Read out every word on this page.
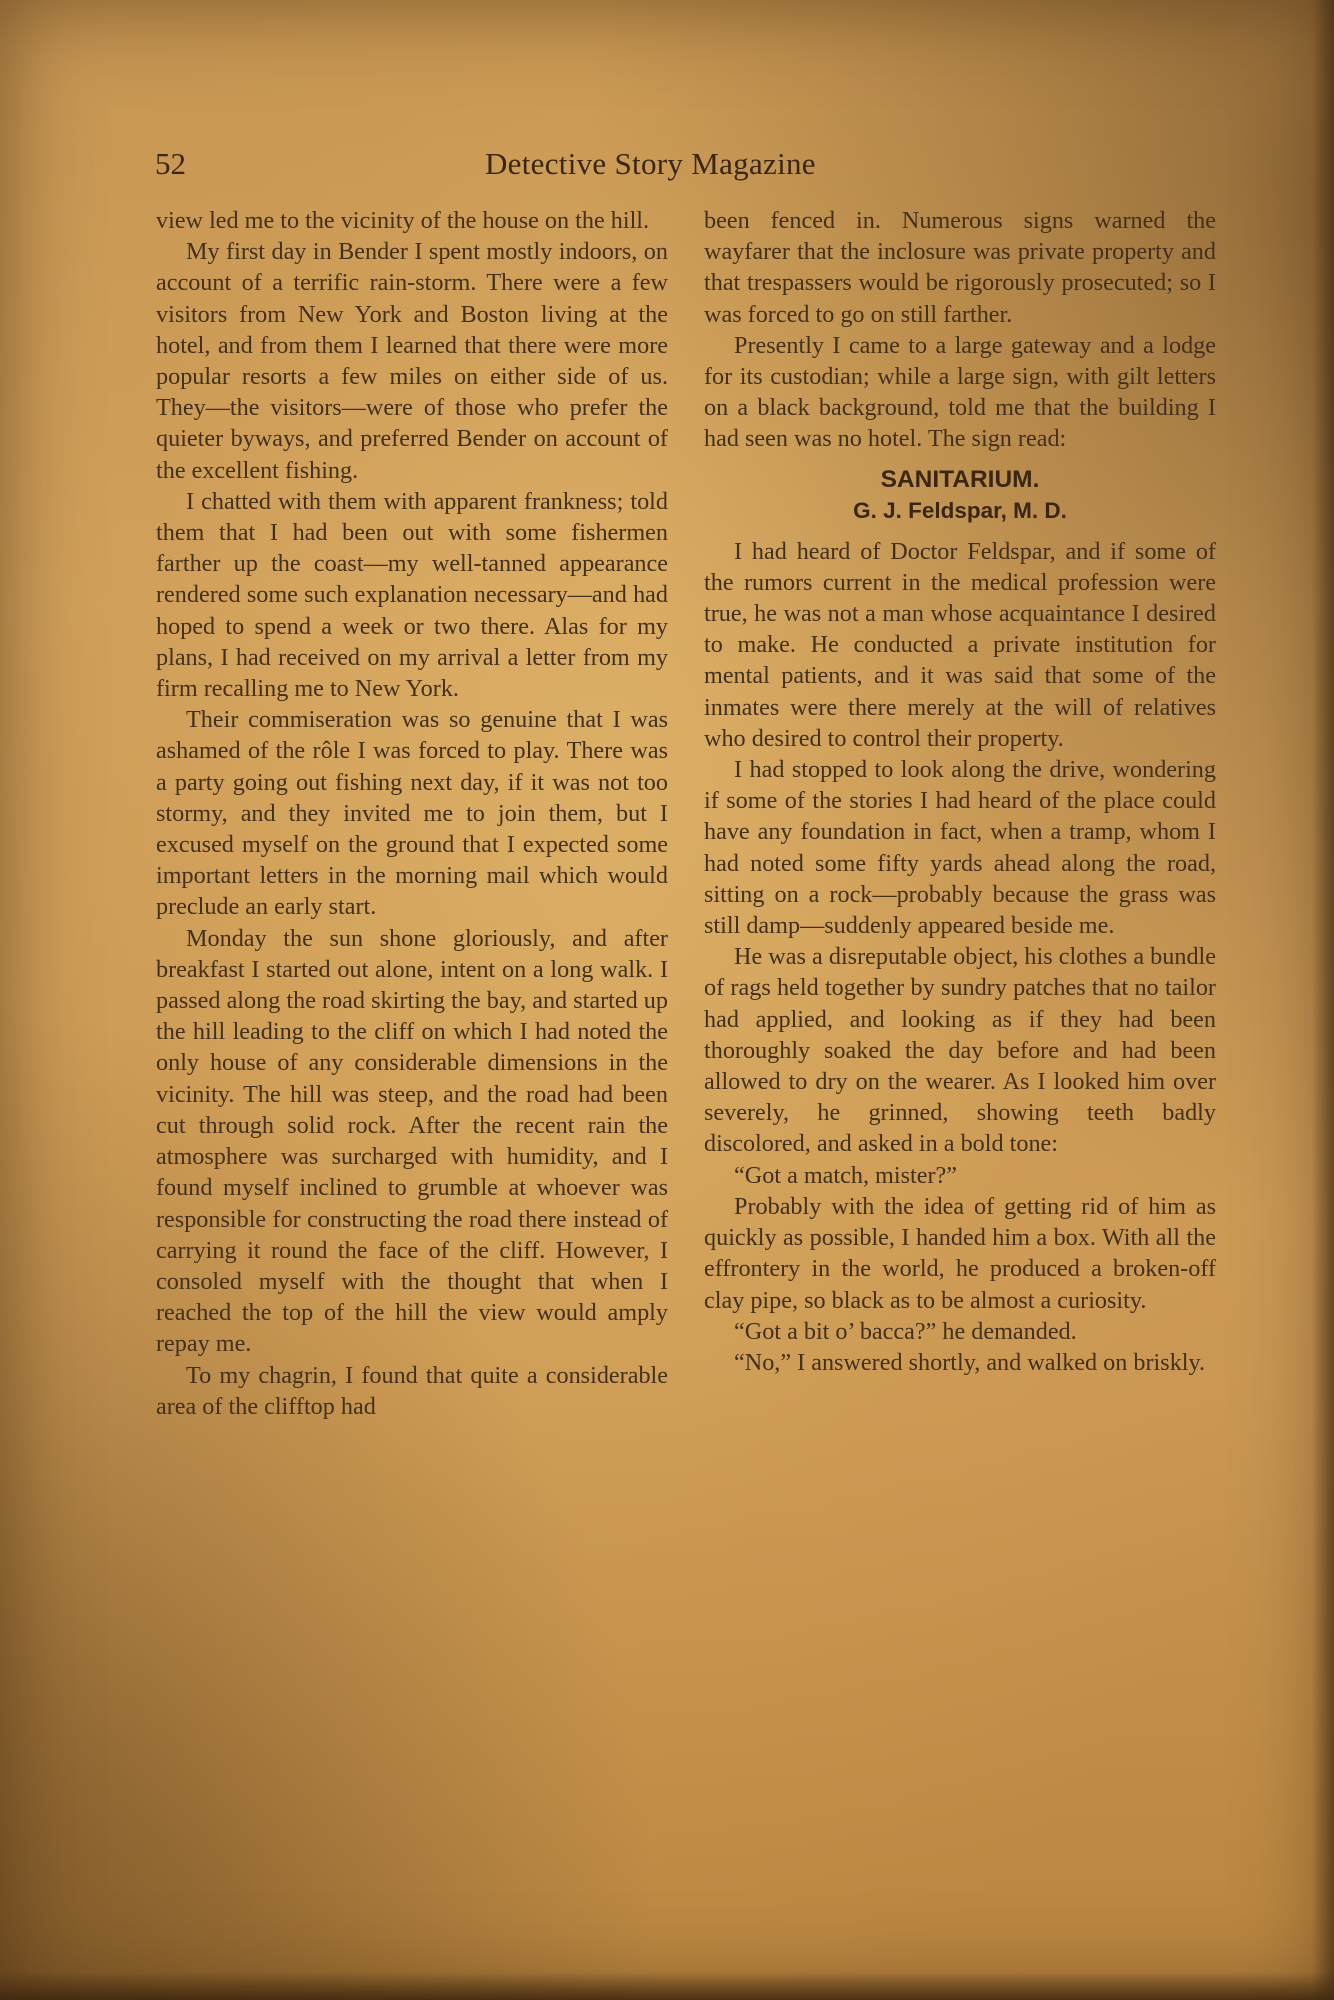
52	Detective Story Magazine

view led me to the vicinity of the house on the hill.

My first day in Bender I spent mostly indoors, on account of a terrific rain-storm. There were a few visitors from New York and Boston living at the hotel, and from them I learned that there were more popular resorts a few miles on either side of us. They—the visitors—were of those who prefer the quieter byways, and preferred Bender on account of the excellent fishing.

I chatted with them with apparent frankness; told them that I had been out with some fishermen farther up the coast—my well-tanned appearance rendered some such explanation necessary—and had hoped to spend a week or two there. Alas for my plans, I had received on my arrival a letter from my firm recalling me to New York.

Their commiseration was so genuine that I was ashamed of the rôle I was forced to play. There was a party going out fishing next day, if it was not too stormy, and they invited me to join them, but I excused myself on the ground that I expected some important letters in the morning mail which would preclude an early start.

Monday the sun shone gloriously, and after breakfast I started out alone, intent on a long walk. I passed along the road skirting the bay, and started up the hill leading to the cliff on which I had noted the only house of any considerable dimensions in the vicinity. The hill was steep, and the road had been cut through solid rock. After the recent rain the atmosphere was surcharged with humidity, and I found myself inclined to grumble at whoever was responsible for constructing the road there instead of carrying it round the face of the cliff. However, I consoled myself with the thought that when I reached the top of the hill the view would amply repay me.

To my chagrin, I found that quite a considerable area of the clifftop had

been fenced in. Numerous signs warned the wayfarer that the inclosure was private property and that trespassers would be rigorously prosecuted; so I was forced to go on still farther.

Presently I came to a large gateway and a lodge for its custodian; while a large sign, with gilt letters on a black background, told me that the building I had seen was no hotel. The sign read:

SANITARIUM.
G. J. Feldspar, M. D.

I had heard of Doctor Feldspar, and if some of the rumors current in the medical profession were true, he was not a man whose acquaintance I desired to make. He conducted a private institution for mental patients, and it was said that some of the inmates were there merely at the will of relatives who desired to control their property.

I had stopped to look along the drive, wondering if some of the stories I had heard of the place could have any foundation in fact, when a tramp, whom I had noted some fifty yards ahead along the road, sitting on a rock—probably because the grass was still damp—suddenly appeared beside me.

He was a disreputable object, his clothes a bundle of rags held together by sundry patches that no tailor had applied, and looking as if they had been thoroughly soaked the day before and had been allowed to dry on the wearer. As I looked him over severely, he grinned, showing teeth badly discolored, and asked in a bold tone:

“Got a match, mister?”

Probably with the idea of getting rid of him as quickly as possible, I handed him a box. With all the effrontery in the world, he produced a broken-off clay pipe, so black as to be almost a curiosity.

“Got a bit o’ bacca?” he demanded.

“No,” I answered shortly, and walked on briskly.
